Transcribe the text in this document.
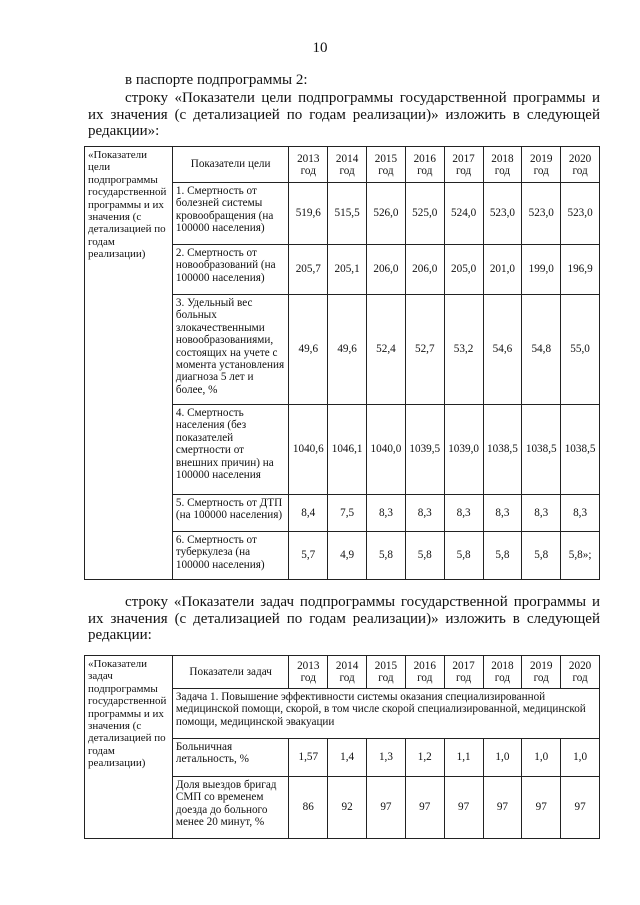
10
в паспорте подпрограммы 2:
строку «Показатели цели подпрограммы государственной программы и их значения (с детализацией по годам реализации)» изложить в следующей редакции»:
«Показатели цели подпрограммы государственной программы и их значения (с детализацией по годам реализации)	Показатели цели	2013 год	2014 год	2015 год	2016 год	2017 год	2018 год	2019 год	2020 год
	1. Смертность от болезней системы кровообращения (на 100000 населения)	519,6	515,5	526,0	525,0	524,0	523,0	523,0	523,0
	2. Смертность от новообразований (на 100000 населения)	205,7	205,1	206,0	206,0	205,0	201,0	199,0	196,9
	3. Удельный вес больных злокачественными новообразованиями, состоящих на учете с момента установления диагноза 5 лет и более, %	49,6	49,6	52,4	52,7	53,2	54,6	54,8	55,0
	4. Смертность населения (без показателей смертности от внешних причин) на 100000 населения	1040,6	1046,1	1040,0	1039,5	1039,0	1038,5	1038,5	1038,5
	5. Смертность от ДТП (на 100000 населения)	8,4	7,5	8,3	8,3	8,3	8,3	8,3	8,3
	6. Смертность от туберкулеза (на 100000 населения)	5,7	4,9	5,8	5,8	5,8	5,8	5,8	5,8»;
строку «Показатели задач подпрограммы государственной программы и их значения (с детализацией по годам реализации)» изложить в следующей редакции:
«Показатели задач подпрограммы государственной программы и их значения (с детализацией по годам реализации)	Показатели задач	2013 год	2014 год	2015 год	2016 год	2017 год	2018 год	2019 год	2020 год
	Задача 1. Повышение эффективности системы оказания специализированной медицинской помощи, скорой, в том числе скорой специализированной, медицинской помощи, медицинской эвакуации								
	Больничная летальность, %	1,57	1,4	1,3	1,2	1,1	1,0	1,0	1,0
	Доля выездов бригад СМП со временем доезда до больного менее 20 минут, %	86	92	97	97	97	97	97	97
